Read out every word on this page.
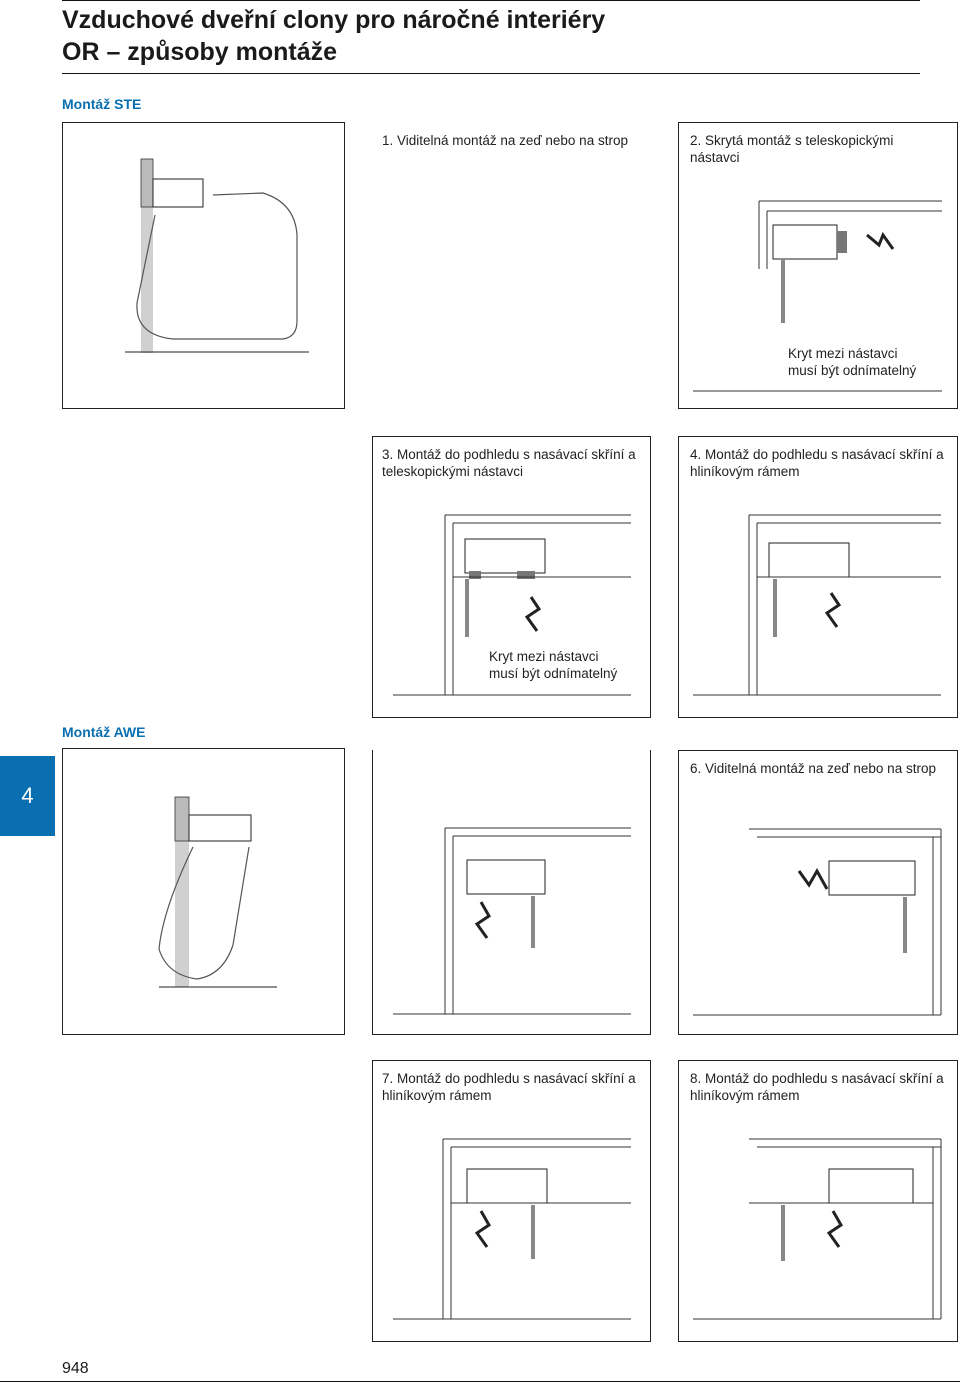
Vzduchové dveřní clony pro náročné interiéry
OR – způsoby montáže
Montáž STE
1. Viditelná montáž na zeď nebo na strop	2. Skrytá montáž s teleskopickými nástavci
Kryt mezi nástavci
musí být odnímatelný
3. Montáž do podhledu s nasávací skříní a teleskopickými nástavci
Kryt mezi nástavci
musí být odnímatelný
4. Montáž do podhledu s nasávací skříní a hliníkovým rámem
Montáž AWE
4
6. Viditelná montáž na zeď nebo na strop
7. Montáž do podhledu s nasávací skříní a hliníkovým rámem
8. Montáž do podhledu s nasávací skříní a hliníkovým rámem
948
